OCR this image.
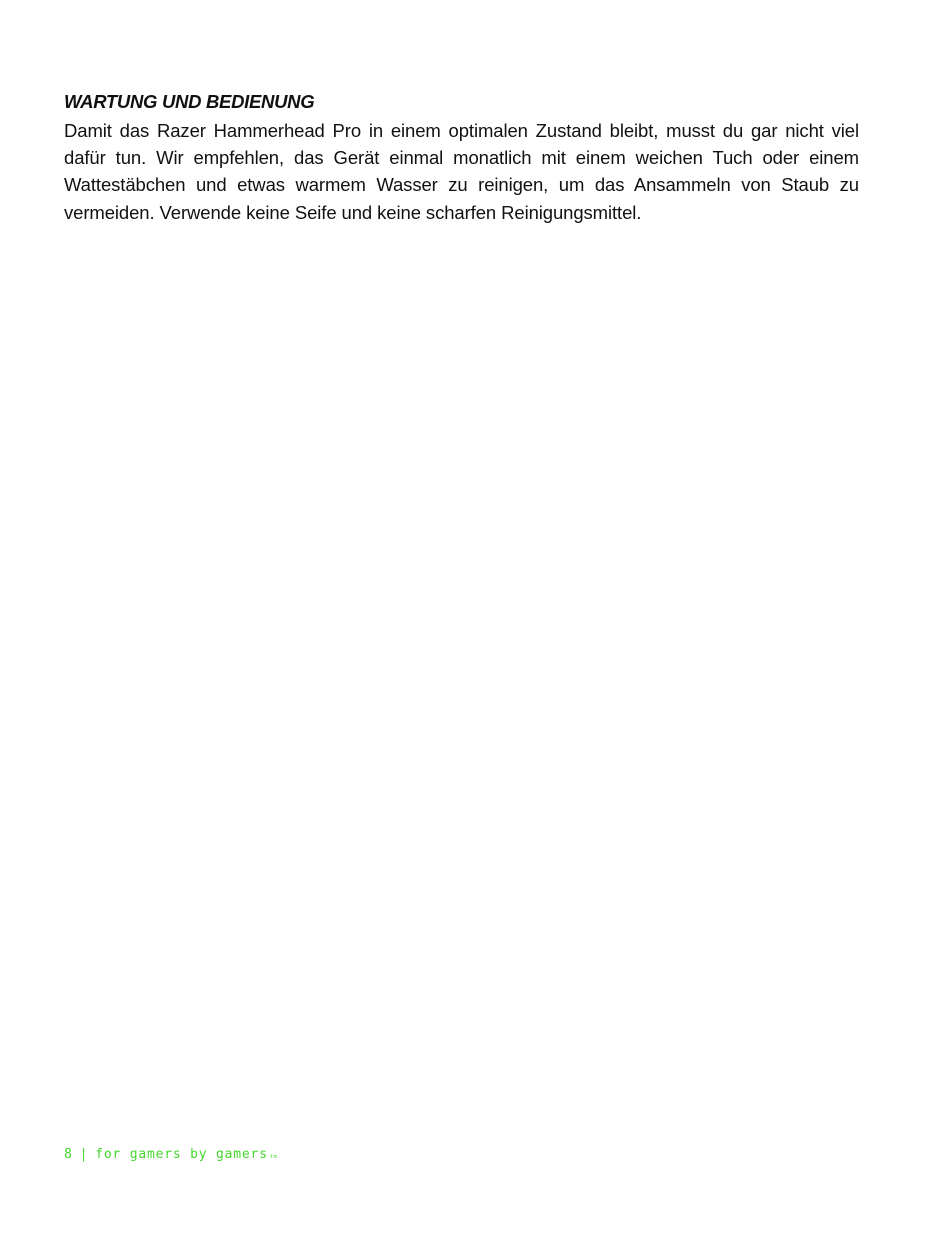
WARTUNG UND BEDIENUNG

Damit das Razer Hammerhead Pro in einem optimalen Zustand bleibt, musst du gar nicht viel dafür tun. Wir empfehlen, das Gerät einmal monatlich mit einem weichen Tuch oder einem Wattestäbchen und etwas warmem Wasser zu reinigen, um das Ansammeln von Staub zu vermeiden. Verwende keine Seife und keine scharfen Reinigungsmittel.

8 | for gamers by gamers tm
